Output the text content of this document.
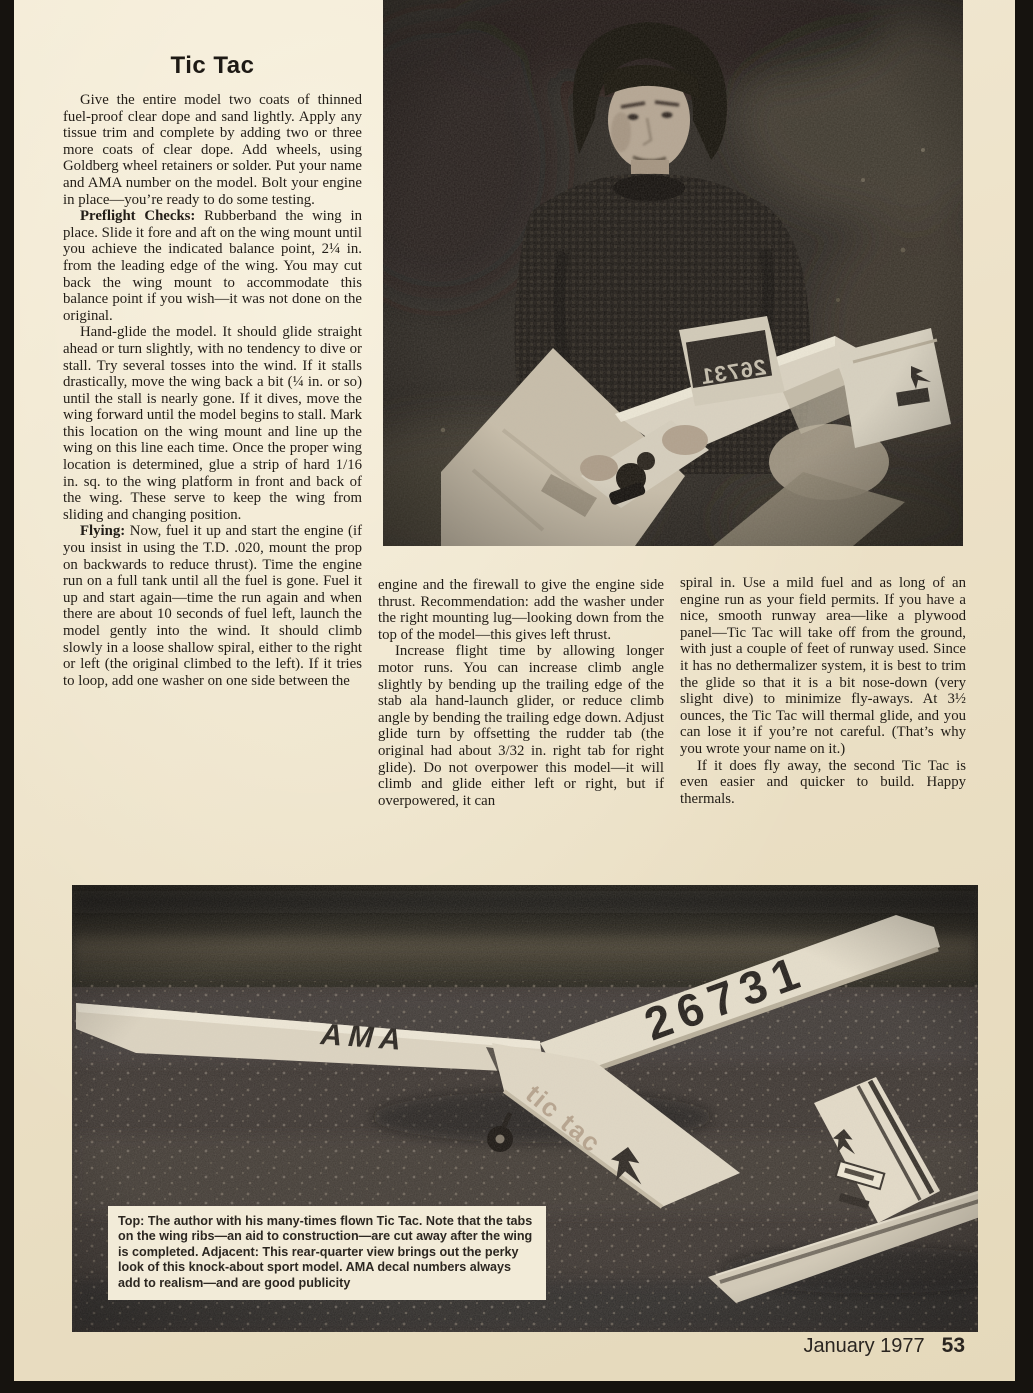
Tic Tac

Give the entire model two coats of thinned fuel-proof clear dope and sand lightly. Apply any tissue trim and complete by adding two or three more coats of clear dope. Add wheels, using Goldberg wheel retainers or solder. Put your name and AMA number on the model. Bolt your engine in place—you’re ready to do some testing.

Preflight Checks: Rubberband the wing in place. Slide it fore and aft on the wing mount until you achieve the indicated balance point, 2¼ in. from the leading edge of the wing. You may cut back the wing mount to accommodate this balance point if you wish—it was not done on the original.

Hand-glide the model. It should glide straight ahead or turn slightly, with no tendency to dive or stall. Try several tosses into the wind. If it stalls drastically, move the wing back a bit (¼ in. or so) until the stall is nearly gone. If it dives, move the wing forward until the model begins to stall. Mark this location on the wing mount and line up the wing on this line each time. Once the proper wing location is determined, glue a strip of hard 1/16 in. sq. to the wing platform in front and back of the wing. These serve to keep the wing from sliding and changing position.

Flying: Now, fuel it up and start the engine (if you insist in using the T.D. .020, mount the prop on backwards to reduce thrust). Time the engine run on a full tank until all the fuel is gone. Fuel it up and start again—time the run again and when there are about 10 seconds of fuel left, launch the model gently into the wind. It should climb slowly in a loose shallow spiral, either to the right or left (the original climbed to the left). If it tries to loop, add one washer on one side between the

engine and the firewall to give the engine side thrust. Recommendation: add the washer under the right mounting lug—looking down from the top of the model—this gives left thrust.

Increase flight time by allowing longer motor runs. You can increase climb angle slightly by bending up the trailing edge of the stab ala hand-launch glider, or reduce climb angle by bending the trailing edge down. Adjust glide turn by offsetting the rudder tab (the original had about 3/32 in. right tab for right glide). Do not overpower this model—it will climb and glide either left or right, but if overpowered, it can

spiral in. Use a mild fuel and as long of an engine run as your field permits. If you have a nice, smooth runway area—like a plywood panel—Tic Tac will take off from the ground, with just a couple of feet of runway used. Since it has no dethermalizer system, it is best to trim the glide so that it is a bit nose-down (very slight dive) to minimize fly-aways. At 3½ ounces, the Tic Tac will thermal glide, and you can lose it if you’re not careful. (That’s why you wrote your name on it.)

If it does fly away, the second Tic Tac is even easier and quicker to build. Happy thermals.

Top: The author with his many-times flown Tic Tac. Note that the tabs on the wing ribs—an aid to construction—are cut away after the wing is completed. Adjacent: This rear-quarter view brings out the perky look of this knock-about sport model. AMA decal numbers always add to realism—and are good publicity
January 1977 53
